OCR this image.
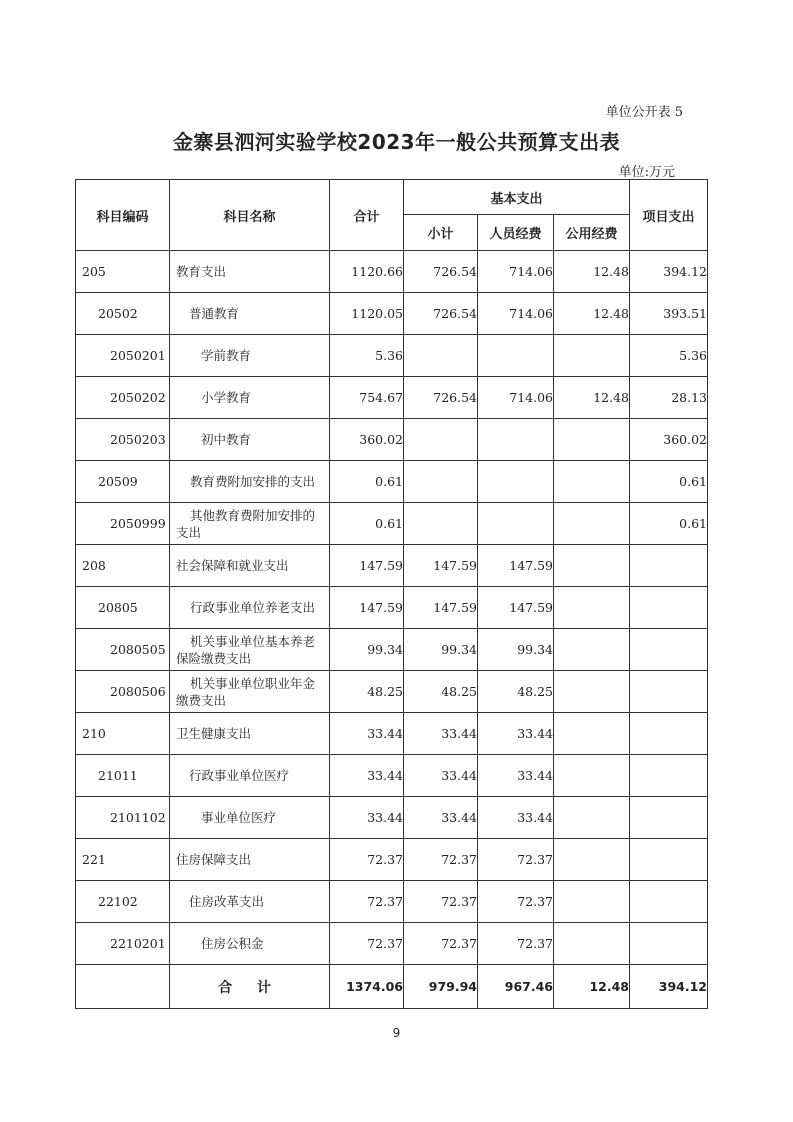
单位公开表 5
金寨县泗河实验学校2023年一般公共预算支出表
单位:万元
科目编码	科目名称	合计	基本支出			项目支出
			小计	人员经费	公用经费	
205	教育支出	1120.66	726.54	714.06	12.48	394.12
20502	普通教育	1120.05	726.54	714.06	12.48	393.51
2050201	学前教育	5.36				5.36
2050202	小学教育	754.67	726.54	714.06	12.48	28.13
2050203	初中教育	360.02				360.02
20509	教育费附加安排的支出	0.61				0.61
2050999	其他教育费附加安排的支出	0.61				0.61
208	社会保障和就业支出	147.59	147.59	147.59		
20805	行政事业单位养老支出	147.59	147.59	147.59		
2080505	机关事业单位基本养老保险缴费支出	99.34	99.34	99.34		
2080506	机关事业单位职业年金缴费支出	48.25	48.25	48.25		
210	卫生健康支出	33.44	33.44	33.44		
21011	行政事业单位医疗	33.44	33.44	33.44		
2101102	事业单位医疗	33.44	33.44	33.44		
221	住房保障支出	72.37	72.37	72.37		
22102	住房改革支出	72.37	72.37	72.37		
2210201	住房公积金	72.37	72.37	72.37		
	合 计	1374.06	979.94	967.46	12.48	394.12
9
